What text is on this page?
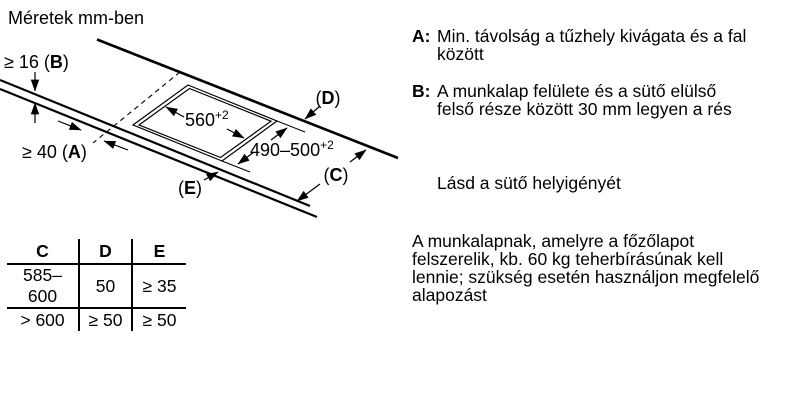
Méretek mm-ben
$560^{+2}$
$490-500^{+2}$
≥ 16 (B)
≥ 40 (A)
(D)
(C)
(E)
C	D	E
585–600	50	≥ 35
> 600	≥ 50	≥ 50
A: Min. távolság a tűzhely kivágata és a fal
között
B: A munkalap felülete és a sütő elülső
felső része között 30 mm legyen a rés
Lásd a sütő helyigényét
A munkalapnak, amelyre a főzőlapot
felszerelik, kb. 60 kg teherbírásúnak kell
lennie; szükség esetén használjon megfelelő
alapozást
